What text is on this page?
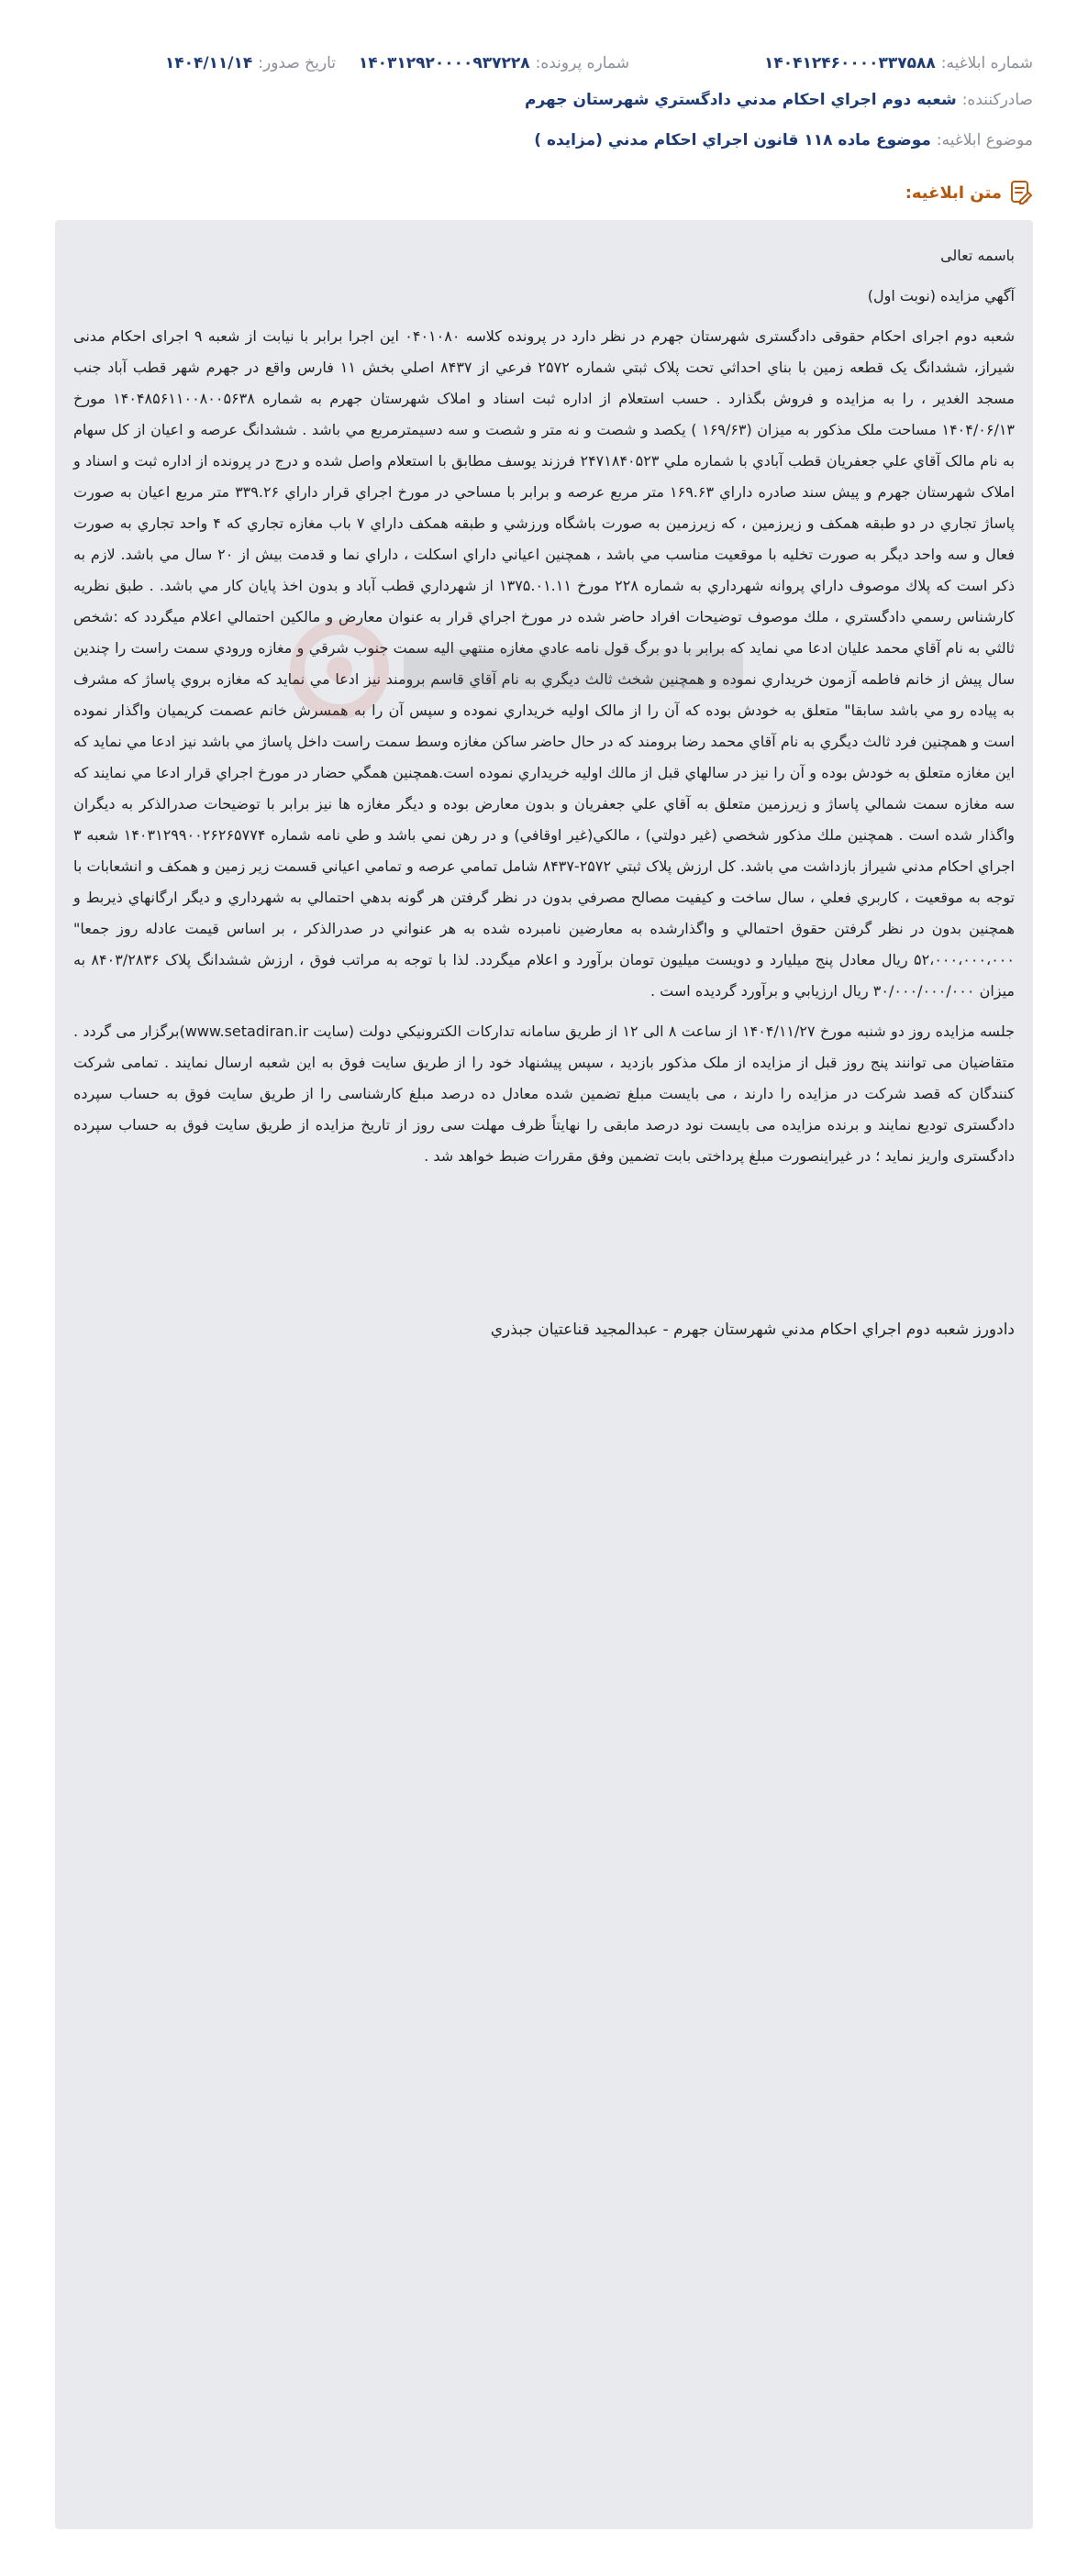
شماره ابلاغيه:
۱۴۰۴۱۲۴۶۰۰۰۰۳۳۷۵۸۸
شماره پرونده:
۱۴۰۳۱۲۹۲۰۰۰۰۹۳۷۲۲۸
تاريخ صدور:
۱۴۰۴/۱۱/۱۴
صادرکننده:
شعبه دوم اجراي احکام مدني دادگستري شهرستان جهرم
موضوع ابلاغيه:
موضوع ماده ۱۱۸ قانون اجراي احكام مدني (مزايده )
متن ابلاغيه:

باسمه تعالی

آگهي مزايده (نوبت اول)

شعبه دوم اجرای احکام حقوقی دادگستری شهرستان جهرم در نظر دارد در پرونده کلاسه ۰۴۰۱۰۸۰ این اجرا برابر با نیابت از شعبه ۹ اجرای احکام مدنی شيراز، ششدانگ يک قطعه زمين با بناي احداثي تحت پلاک ثبتي شماره ۲۵۷۲ فرعي از ۸۴۳۷ اصلي بخش ۱۱ فارس واقع در جهرم شهر قطب آباد جنب مسجد الغدير ، را به مزايده و فروش بگذارد . حسب استعلام از اداره ثبت اسناد و املاک شهرستان جهرم به شماره ۱۴۰۴۸۵۶۱۱۰۰۸۰۰۵۶۳۸ مورخ ۱۴۰۴/۰۶/۱۳ مساحت ملک مذکور به ميزان (۱۶۹/۶۳ ) يکصد و شصت و نه متر و شصت و سه دسيمترمربع مي باشد . ششدانگ عرصه و اعيان از کل سهام به نام مالک آقاي علي جعفريان قطب آبادي با شماره ملي ۲۴۷۱۸۴۰۵۲۳ فرزند يوسف مطابق با استعلام واصل شده و درج در پرونده از اداره ثبت و اسناد و املاک شهرستان جهرم و پيش سند صادره داراي ۱۶۹.۶۳ متر مربع عرصه و برابر با مساحي در مورخ اجراي قرار داراي ۳۳۹.۲۶ متر مربع اعيان به صورت پاساژ تجاري در دو طبقه همکف و زيرزمين ، که زيرزمين به صورت باشگاه ورزشي و طبقه همکف داراي ۷ باب مغازه تجاري که ۴ واحد تجاري به صورت فعال و سه واحد ديگر به صورت تخليه با موقعيت مناسب مي باشد ، همچنين اعياني داراي اسکلت ، داراي نما و قدمت بيش از ۲۰ سال مي باشد. لازم به ذکر است که پلاك موصوف داراي پروانه شهرداري به شماره ۲۲۸ مورخ ۱۳۷۵.۰۱.۱۱ از شهرداري قطب آباد و بدون اخذ پايان کار مي باشد. . طبق نظريه كارشناس رسمي دادگستري ، ملك موصوف توضيحات افراد حاضر شده در مورخ اجراي قرار به عنوان معارض و مالكين احتمالي اعلام ميگردد که :شخص ثالثي به نام آقاي محمد عليان ادعا مي نمايد که برابر با دو برگ قول نامه عادي مغازه منتهي اليه سمت جنوب شرقي و مغازه ورودي سمت راست را چندين سال پيش از خانم فاطمه آزمون خريداري نموده و همچنين شخث ثالث ديگري به نام آقاي قاسم برومند نيز ادعا مي نمايد که مغازه بروي پاساژ که مشرف به پياده رو مي باشد سابقا" متعلق به خودش بوده که آن را از مالک اوليه خريداري نموده و سپس آن را به همسرش خانم عصمت کريميان واگذار نموده است و همچنين فرد ثالث ديگري به نام آقاي محمد رضا برومند که در حال حاضر ساكن مغازه وسط سمت راست داخل پاساژ مي باشد نيز ادعا مي نمايد که اين مغازه متعلق به خودش بوده و آن را نيز در سالهاي قبل از مالك اوليه خريداري نموده است.همچنين همگي حضار در مورخ اجراي قرار ادعا مي نمايند که سه مغازه سمت شمالي پاساژ و زيرزمين متعلق به آقاي علي جعفريان و بدون معارض بوده و ديگر مغازه ها نيز برابر با توضيحات صدرالذکر به ديگران واگذار شده است . همچنين ملك مذكور شخصي (غير دولتي) ، مالكي(غير اوقافي) و در رهن نمي باشد و طي نامه شماره ۱۴۰۳۱۲۹۹۰۰۲۶۲۶۵۷۷۴ شعبه ۳ اجراي احكام مدني شيراز بازداشت مي باشد. کل ارزش پلاک ثبتي ۲۵۷۲-۸۴۳۷ شامل تمامي عرصه و تمامي اعياني قسمت زير زمين و همكف و انشعابات با توجه به موقعيت ، کاربري فعلي ، سال ساخت و کيفيت مصالح مصرفي بدون در نظر گرفتن هر گونه بدهي احتمالي به شهرداري و ديگر ارگانهاي ذيربط و همچنين بدون در نظر گرفتن حقوق احتمالي و واگذارشده به معارضين نامبرده شده به هر عنواني در صدرالذكر ، بر اساس قيمت عادله روز جمعا" ۵۲،۰۰۰،۰۰۰،۰۰۰ ريال معادل پنج ميليارد و دويست ميليون تومان برآورد و اعلام ميگردد. لذا با توجه به مراتب فوق ، ارزش ششدانگ پلاک ۸۴۰۳/۲۸۳۶ به ميزان ۳۰/۰۰۰/۰۰۰/۰۰۰ ريال ارزيابي و برآورد گرديده است .

جلسه مزايده روز دو شنبه مورخ ۱۴۰۴/۱۱/۲۷ از ساعت ۸ الی ۱۲ از طريق سامانه تداركات الكترونيكي دولت (سايت www.setadiran.ir)برگزار می گردد . متقاضيان می توانند پنج روز قبل از مزايده از ملک مذکور بازديد ، سپس پيشنهاد خود را از طريق سايت فوق به اين شعبه ارسال نمايند . تمامی شرکت کنندگان که قصد شرکت در مزايده را دارند ، می بايست مبلغ تضمين شده معادل ده درصد مبلغ کارشناسی را از طريق سايت فوق به حساب سپرده دادگستری توديع نمايند و برنده مزايده می بايست نود درصد مابقی را نهايتاً ظرف مهلت سی روز از تاريخ مزايده از طريق سايت فوق به حساب سپرده دادگستری واريز نمايد ؛ در غيراينصورت مبلغ پرداختی بابت تضمين وفق مقررات ضبط خواهد شد .

دادورز شعبه دوم اجراي احکام مدني شهرستان جهرم - عبدالمجيد قناعتيان جبذري
